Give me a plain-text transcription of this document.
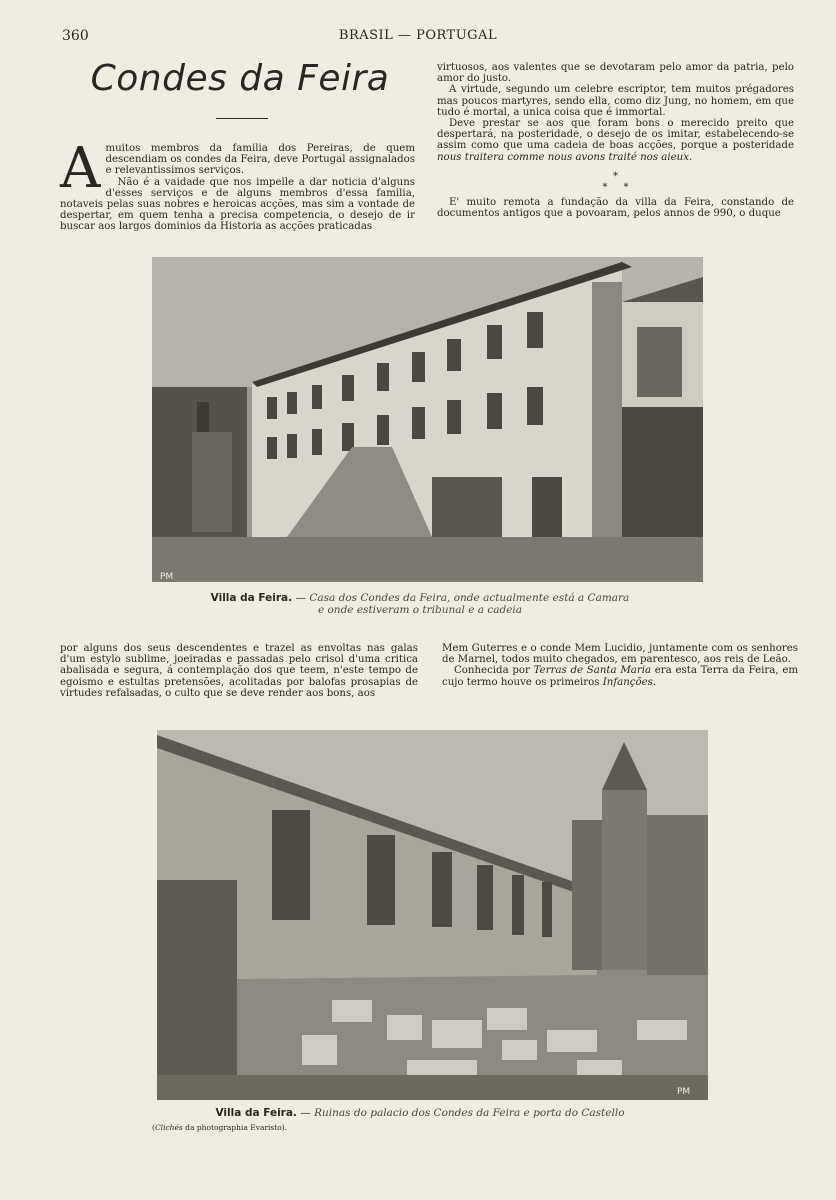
360	BRASIL — PORTUGAL
Condes da Feira

Amuitos membros da familia dos Pereiras, de quem descendiam os condes da Feira, deve Portugal assignalados e relevantissimos serviços.

Não é a vaidade que nos impelle a dar noticia d'alguns d'esses serviços e de alguns membros d'essa familia, notaveis pelas suas nobres e heroicas acções, mas sim a vontade de despertar, em quem tenha a precisa competencia, o desejo de ir buscar aos largos dominios da Historia as acções praticadas

virtuosos, aos valentes que se devotaram pelo amor da patria, pelo amor do justo.

A virtude, segundo um celebre escriptor, tem muitos prégadores mas poucos martyres, sendo ella, como diz Jung, no homem, em que tudo é mortal, a unica coisa que é immortal.

Deve prestar se aos que foram bons o merecido preito que despertará, na posteridade, o desejo de os imitar, estabelecendo-se assim como que uma cadeia de boas acções, porque a posteridade nous traitera comme nous avons traité nos aieux.

*
*     *

E' muito remota a fundação da villa da Feira, constando de documentos antigos que a povoaram, pelos annos de 990, o duque

PM
Villa da Feira. — Casa dos Condes da Feira, onde actualmente está a Camara
e onde estiveram o tribunal e a cadeia

por alguns dos seus descendentes e trazel as envoltas nas galas d'um estylo sublime, joeiradas e passadas pelo crisol d'uma critica abalisada e segura, á contemplação dos que teem, n'este tempo de egoismo e estultas pretensões, acolitadas por balofas prosapias de virtudes refalsadas, o culto que se deve render aos bons, aos

Mem Guterres e o conde Mem Lucidio, juntamente com os senhores de Marnel, todos muito chegados, em parentesco, aos reis de Leão.

Conhecida por Terras de Santa Maria era esta Terra da Feira, em cujo termo houve os primeiros Infanções.

PM
Villa da Feira. — Ruinas do palacio dos Condes da Feira e porta do Castello
(Clichés da photographia Evaristo).
